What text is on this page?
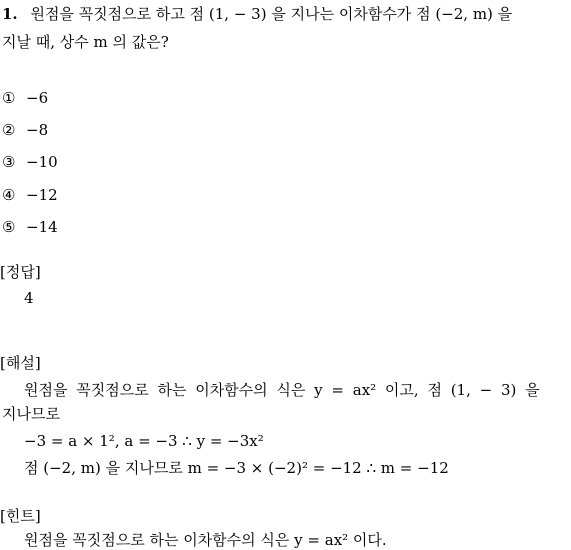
1. 원점을 꼭짓점으로 하고 점 (1, − 3) 을 지나는 이차함수가 점 (−2, m) 을
지날 때, 상수 m 의 값은?
① −6
② −8
③ −10
④ −12
⑤ −14
[정답]
4
[해설]
원점을 꼭짓점으로 하는 이차함수의 식은 y = ax² 이고, 점 (1, − 3) 을
지나므로
−3 = a × 1², a = −3 ∴ y = −3x²
점 (−2, m) 을 지나므로 m = −3 × (−2)² = −12 ∴ m = −12
[힌트]
원점을 꼭짓점으로 하는 이차함수의 식은 y = ax² 이다.
